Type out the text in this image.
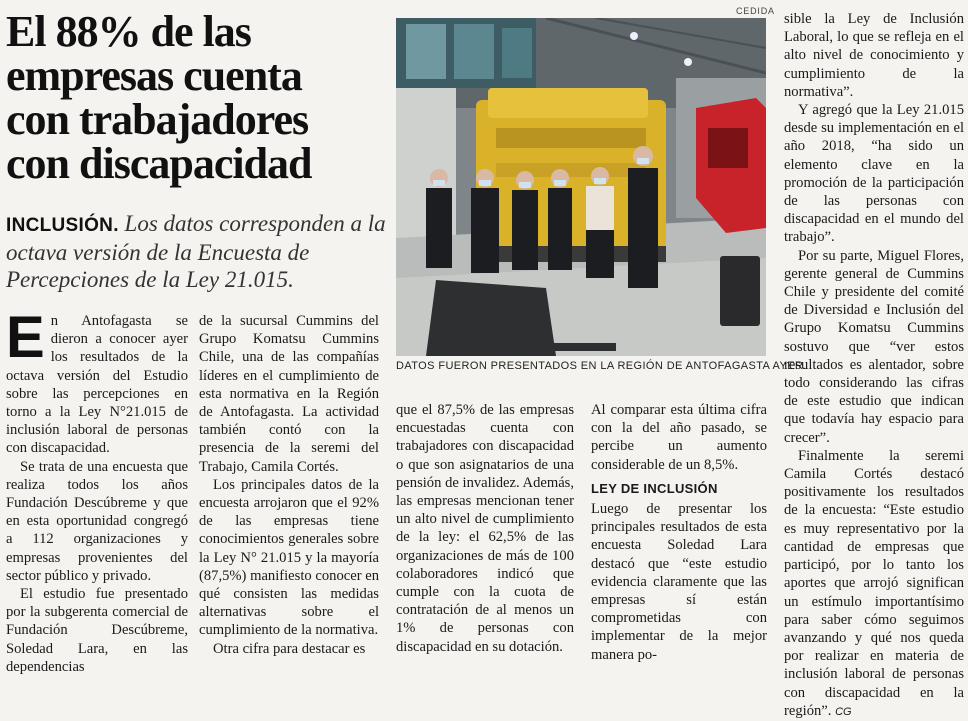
El 88% de las
empresas cuenta
con trabajadores
con discapacidad
INCLUSIÓN. Los datos corresponden a la octava versión de la Encuesta de Percepciones de la Ley 21.015.
CEDIDA
DATOS FUERON PRESENTADOS EN LA REGIÓN DE ANTOFAGASTA AYER.

En Antofagasta se dieron a conocer ayer los resultados de la octava versión del Estudio sobre las percepciones en torno a la Ley N°21.015 de inclusión laboral de personas con discapacidad.

Se trata de una encuesta que realiza todos los años Fundación Descúbreme y que en esta oportunidad congregó a 112 organizaciones y empresas provenientes del sector público y privado.

El estudio fue presentado por la subgerenta comercial de Fundación Descúbreme, Soledad Lara, en las dependencias

de la sucursal Cummins del Grupo Komatsu Cummins Chile, una de las compañías líderes en el cumplimiento de esta normativa en la Región de Antofagasta. La actividad también contó con la presencia de la seremi del Trabajo, Camila Cortés.

Los principales datos de la encuesta arrojaron que el 92% de las empresas tiene conocimientos generales sobre la Ley N° 21.015 y la mayoría (87,5%) manifiesto conocer en qué consisten las medidas alternativas sobre el cumplimiento de la normativa.

Otra cifra para destacar es

que el 87,5% de las empresas encuestadas cuenta con trabajadores con discapacidad o que son asignatarios de una pensión de invalidez. Además, las empresas mencionan tener un alto nivel de cumplimiento de la ley: el 62,5% de las organizaciones de más de 100 colaboradores indicó que cumple con la cuota de contratación de al menos un 1% de personas con discapacidad en su dotación.

Al comparar esta última cifra con la del año pasado, se percibe un aumento considerable de un 8,5%.

LEY DE INCLUSIÓN

Luego de presentar los principales resultados de esta encuesta Soledad Lara destacó que “este estudio evidencia claramente que las empresas sí están comprometidas con implementar de la mejor manera po-

sible la Ley de Inclusión Laboral, lo que se refleja en el alto nivel de conocimiento y cumplimiento de la normativa”.

Y agregó que la Ley 21.015 desde su implementación en el año 2018, “ha sido un elemento clave en la promoción de la participación de las personas con discapacidad en el mundo del trabajo”.

Por su parte, Miguel Flores, gerente general de Cummins Chile y presidente del comité de Diversidad e Inclusión del Grupo Komatsu Cummins sostuvo que “ver estos resultados es alentador, sobre todo considerando las cifras de este estudio que indican que todavía hay espacio para crecer”.

Finalmente la seremi Camila Cortés destacó positivamente los resultados de la encuesta: “Este estudio es muy representativo por la cantidad de empresas que participó, por lo tanto los aportes que arrojó significan un estímulo importantísimo para saber cómo seguimos avanzando y qué nos queda por realizar en materia de inclusión laboral de personas con discapacidad en la región”. CG
